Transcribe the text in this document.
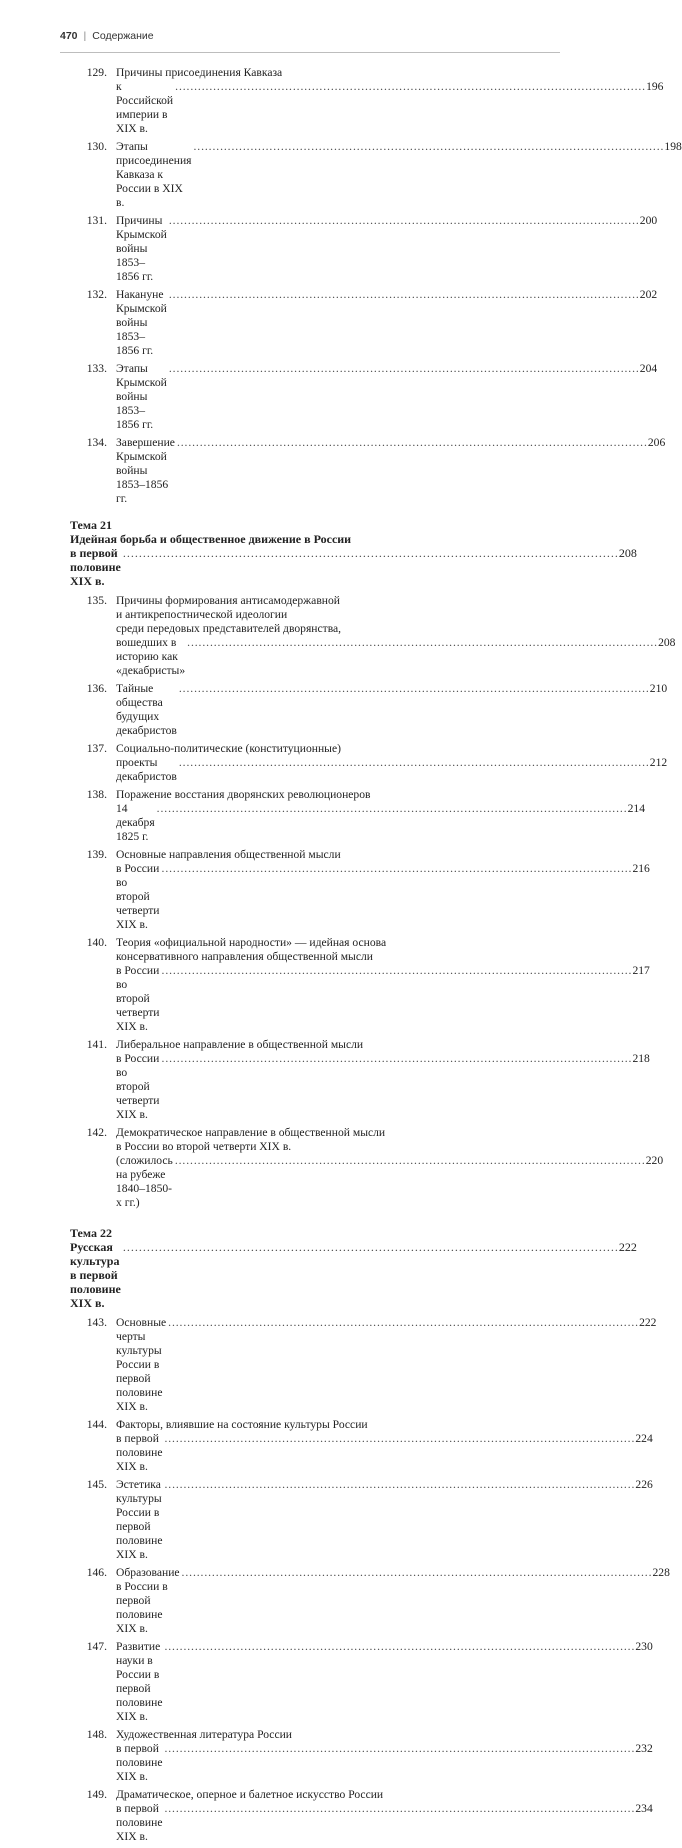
470 | Содержание
129. Причины присоединения Кавказа
к Российской империи в XIX в.
. . .
196
130. Этапы присоединения Кавказа к России в XIX в.
. . .
198
131. Причины Крымской войны 1853–1856 гг.
. . .
200
132. Накануне Крымской войны 1853–1856 гг.
. . .
202
133. Этапы Крымской войны 1853–1856 гг.
. . .
204
134. Завершение Крымской войны 1853–1856 гг.
. . .
206
Тема 21
Идейная борьба и общественное движение в России
в первой половине XIX в.
. . .
208
135. Причины формирования антисамодержавной
и антикрепостнической идеологии
среди передовых представителей дворянства,
вошедших в историю как «декабристы»
. . .
208
136. Тайные общества будущих декабристов
. . .
210
137. Социально-политические (конституционные)
проекты декабристов
. . .
212
138. Поражение восстания дворянских революционеров
14 декабря 1825 г.
. . .
214
139. Основные направления общественной мысли
в России во второй четверти XIX в.
. . .
216
140. Теория «официальной народности» — идейная основа
консервативного направления общественной мысли
в России во второй четверти XIX в.
. . .
217
141. Либеральное направление в общественной мысли
в России во второй четверти XIX в.
. . .
218
142. Демократическое направление в общественной мысли
в России во второй четверти XIX в.
(сложилось на рубеже 1840–1850-х гг.)
. . .
220
Тема 22
Русская культура в первой половине XIX в.
. . .
222
143. Основные черты культуры России в первой половине XIX в.
. . .
222
144. Факторы, влиявшие на состояние культуры России
в первой половине XIX в.
. . .
224
145. Эстетика культуры России в первой половине XIX в.
. . .
226
146. Образование в России в первой половине XIX в.
. . .
228
147. Развитие науки в России в первой половине XIX в.
. . .
230
148. Художественная литература России
в первой половине XIX в.
. . .
232
149. Драматическое, оперное и балетное искусство России
в первой половине XIX в.
. . .
234
